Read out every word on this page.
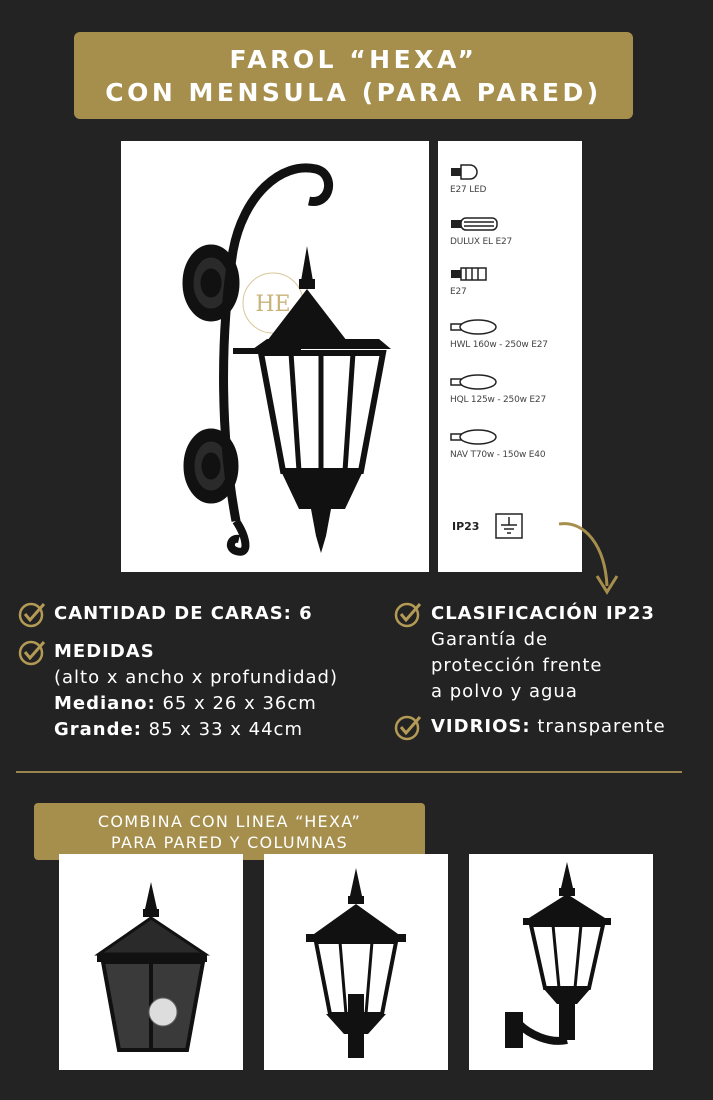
FAROL “HEXA”
CON MENSULA (PARA PARED)
HE
E27 LED
DULUX EL E27
E27
HWL 160w - 250w E27
HQL 125w - 250w E27
NAV T70w - 150w E40
IP23
CANTIDAD DE CARAS: 6
MEDIDAS
(alto x ancho x profundidad)
Mediano: 65 x 26 x 36cm
Grande: 85 x 33 x 44cm
CLASIFICACIÓN IP23
Garantía de
protección frente
a polvo y agua
VIDRIOS: transparente
COMBINA CON LINEA “HEXA”
PARA PARED Y COLUMNAS
